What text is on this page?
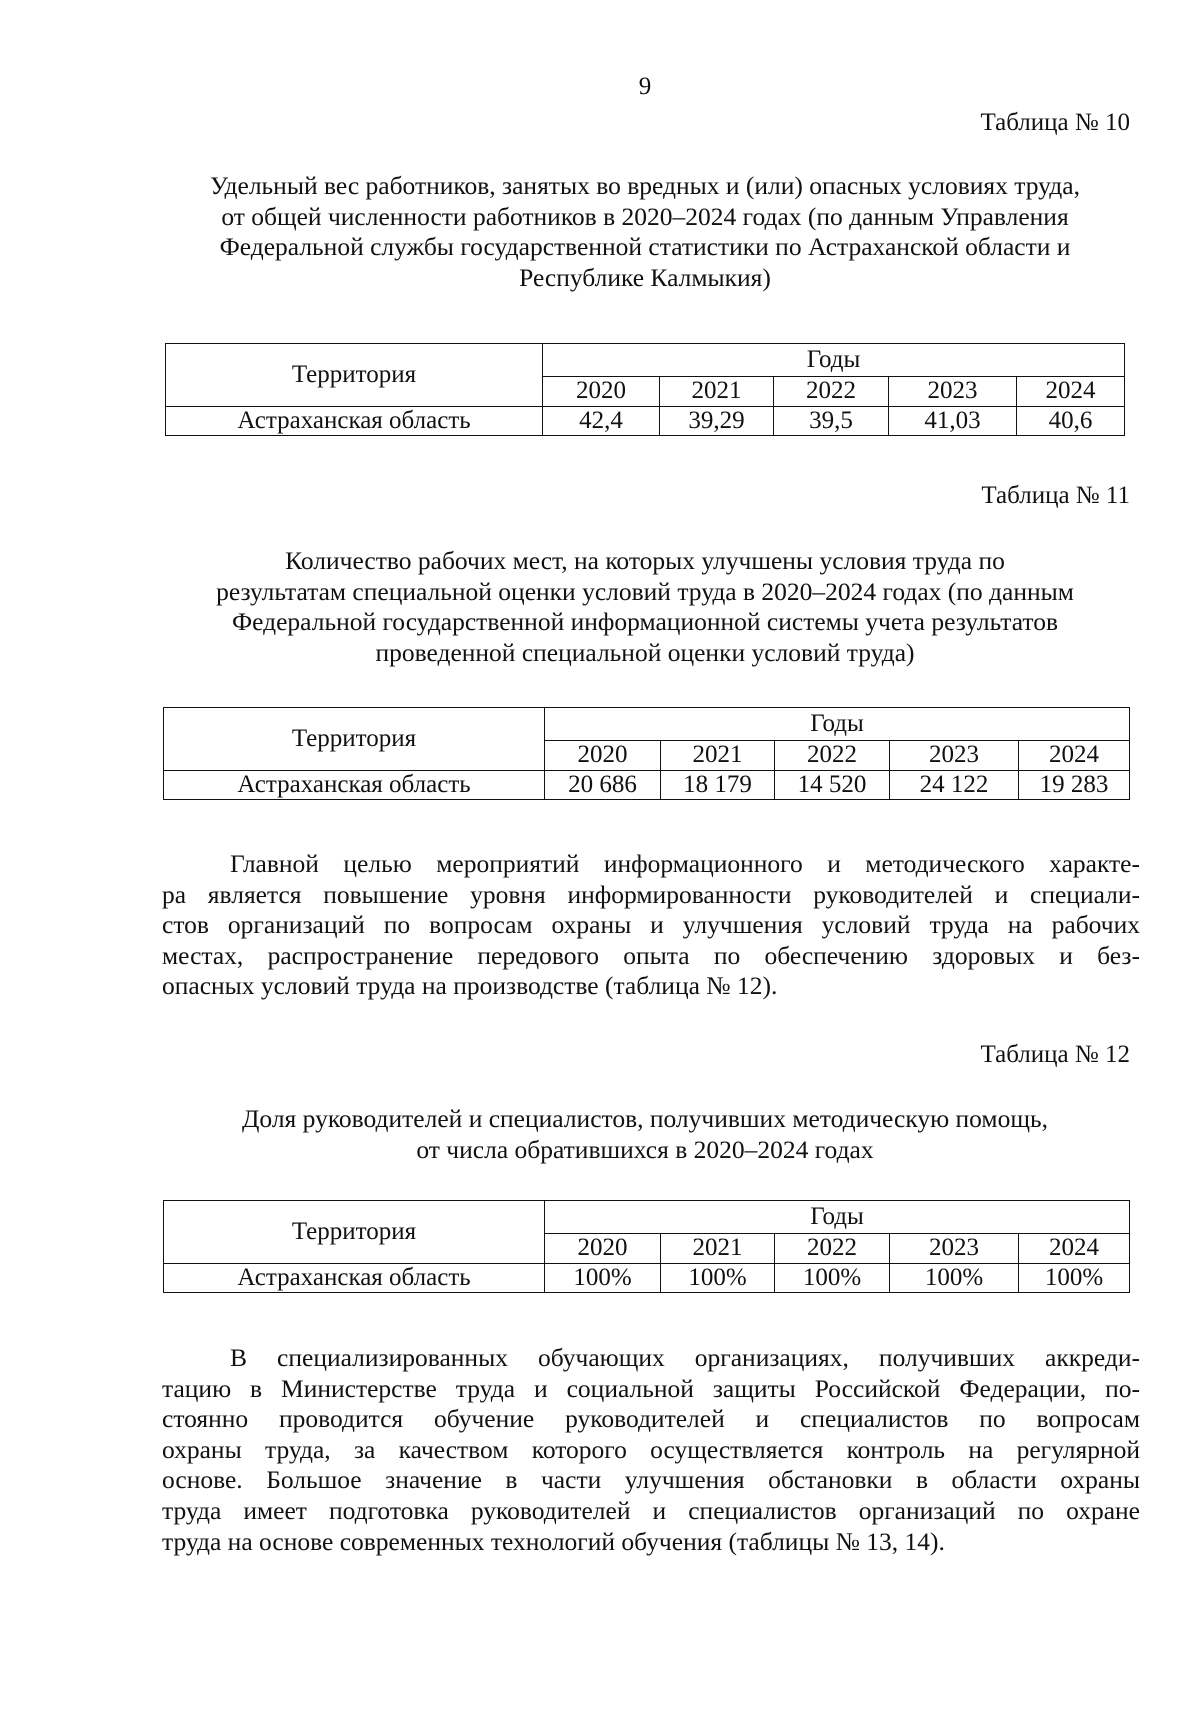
9
Таблица № 10
Удельный вес работников, занятых во вредных и (или) опасных условиях труда,
от общей численности работников в 2020–2024 годах (по данным Управления
Федеральной службы государственной статистики по Астраханской области и
Республике Калмыкия)
Территория	Годы				
	2020	2021	2022	2023	2024
Астраханская область	42,4	39,29	39,5	41,03	40,6
Таблица № 11
Количество рабочих мест, на которых улучшены условия труда по
результатам специальной оценки условий труда в 2020–2024 годах (по данным
Федеральной государственной информационной системы учета результатов
проведенной специальной оценки условий труда)
Территория	Годы				
	2020	2021	2022	2023	2024
Астраханская область	20 686	18 179	14 520	24 122	19 283
Главной целью мероприятий информационного и методического характе-
ра является повышение уровня информированности руководителей и специали-
стов организаций по вопросам охраны и улучшения условий труда на рабочих
местах, распространение передового опыта по обеспечению здоровых и без-
опасных условий труда на производстве (таблица № 12).
Таблица № 12
Доля руководителей и специалистов, получивших методическую помощь,
от числа обратившихся в 2020–2024 годах
Территория	Годы				
	2020	2021	2022	2023	2024
Астраханская область	100%	100%	100%	100%	100%
В специализированных обучающих организациях, получивших аккреди-
тацию в Министерстве труда и социальной защиты Российской Федерации, по-
стоянно проводится обучение руководителей и специалистов по вопросам
охраны труда, за качеством которого осуществляется контроль на регулярной
основе. Большое значение в части улучшения обстановки в области охраны
труда имеет подготовка руководителей и специалистов организаций по охране
труда на основе современных технологий обучения (таблицы № 13, 14).
